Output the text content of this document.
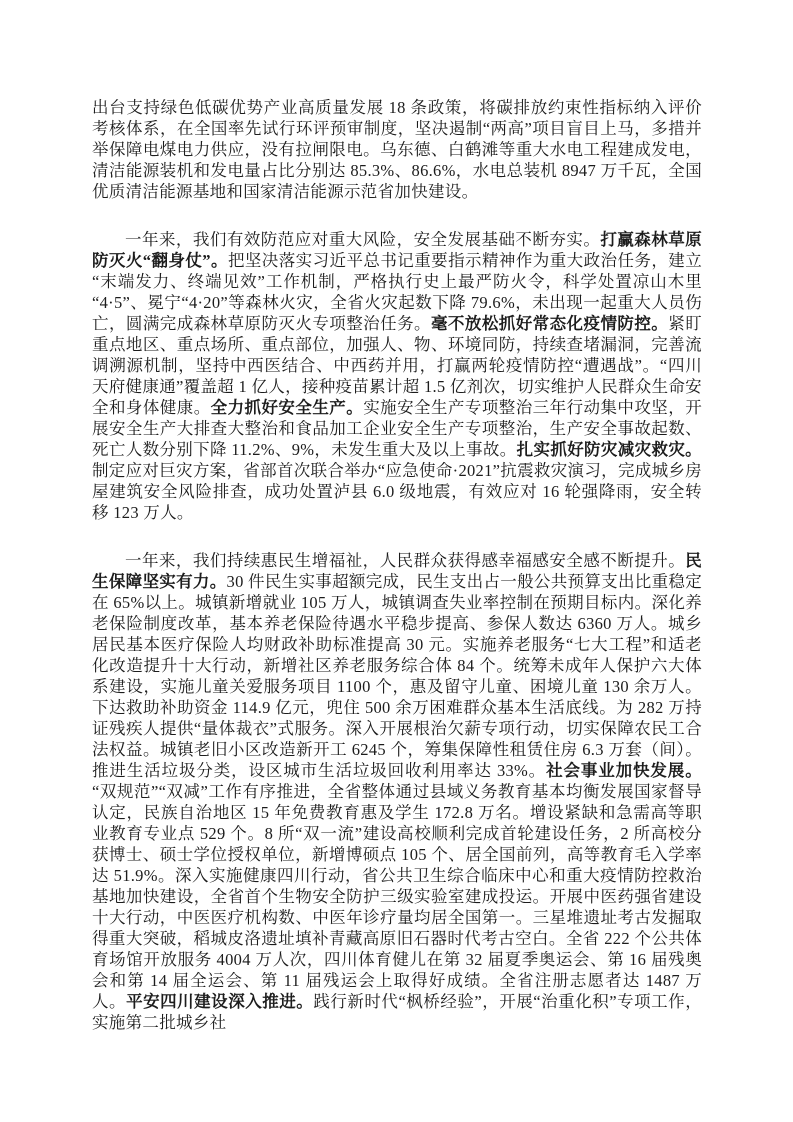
出台支持绿色低碳优势产业高质量发展 18 条政策，将碳排放约束性指标纳入评价考核体系，在全国率先试行环评预审制度，坚决遏制“两高”项目盲目上马，多措并举保障电煤电力供应，没有拉闸限电。乌东德、白鹤滩等重大水电工程建成发电，清洁能源装机和发电量占比分别达 85.3%、86.6%，水电总装机 8947 万千瓦，全国优质清洁能源基地和国家清洁能源示范省加快建设。

一年来，我们有效防范应对重大风险，安全发展基础不断夯实。打赢森林草原防灭火“翻身仗”。把坚决落实习近平总书记重要指示精神作为重大政治任务，建立“末端发力、终端见效”工作机制，严格执行史上最严防火令，科学处置凉山木里“4·5”、冕宁“4·20”等森林火灾，全省火灾起数下降 79.6%，未出现一起重大人员伤亡，圆满完成森林草原防灭火专项整治任务。毫不放松抓好常态化疫情防控。紧盯重点地区、重点场所、重点部位，加强人、物、环境同防，持续查堵漏洞，完善流调溯源机制，坚持中西医结合、中西药并用，打赢两轮疫情防控“遭遇战”。“四川天府健康通”覆盖超 1 亿人，接种疫苗累计超 1.5 亿剂次，切实维护人民群众生命安全和身体健康。全力抓好安全生产。实施安全生产专项整治三年行动集中攻坚，开展安全生产大排查大整治和食品加工企业安全生产专项整治，生产安全事故起数、死亡人数分别下降 11.2%、9%，未发生重大及以上事故。扎实抓好防灾减灾救灾。制定应对巨灾方案，省部首次联合举办“应急使命·2021”抗震救灾演习，完成城乡房屋建筑安全风险排查，成功处置泸县 6.0 级地震，有效应对 16 轮强降雨，安全转移 123 万人。

一年来，我们持续惠民生增福祉，人民群众获得感幸福感安全感不断提升。民生保障坚实有力。30 件民生实事超额完成，民生支出占一般公共预算支出比重稳定在 65%以上。城镇新增就业 105 万人，城镇调查失业率控制在预期目标内。深化养老保险制度改革，基本养老保险待遇水平稳步提高、参保人数达 6360 万人。城乡居民基本医疗保险人均财政补助标准提高 30 元。实施养老服务“七大工程”和适老化改造提升十大行动，新增社区养老服务综合体 84 个。统筹未成年人保护六大体系建设，实施儿童关爱服务项目 1100 个，惠及留守儿童、困境儿童 130 余万人。下达救助补助资金 114.9 亿元，兜住 500 余万困难群众基本生活底线。为 282 万持证残疾人提供“量体裁衣”式服务。深入开展根治欠薪专项行动，切实保障农民工合法权益。城镇老旧小区改造新开工 6245 个，筹集保障性租赁住房 6.3 万套（间）。推进生活垃圾分类，设区城市生活垃圾回收利用率达 33%。社会事业加快发展。“双规范”“双减”工作有序推进，全省整体通过县域义务教育基本均衡发展国家督导认定，民族自治地区 15 年免费教育惠及学生 172.8 万名。增设紧缺和急需高等职业教育专业点 529 个。8 所“双一流”建设高校顺利完成首轮建设任务，2 所高校分获博士、硕士学位授权单位，新增博硕点 105 个、居全国前列，高等教育毛入学率达 51.9%。深入实施健康四川行动，省公共卫生综合临床中心和重大疫情防控救治基地加快建设，全省首个生物安全防护三级实验室建成投运。开展中医药强省建设十大行动，中医医疗机构数、中医年诊疗量均居全国第一。三星堆遗址考古发掘取得重大突破，稻城皮洛遗址填补青藏高原旧石器时代考古空白。全省 222 个公共体育场馆开放服务 4004 万人次，四川体育健儿在第 32 届夏季奥运会、第 16 届残奥会和第 14 届全运会、第 11 届残运会上取得好成绩。全省注册志愿者达 1487 万人。平安四川建设深入推进。践行新时代“枫桥经验”，开展“治重化积”专项工作，实施第二批城乡社
